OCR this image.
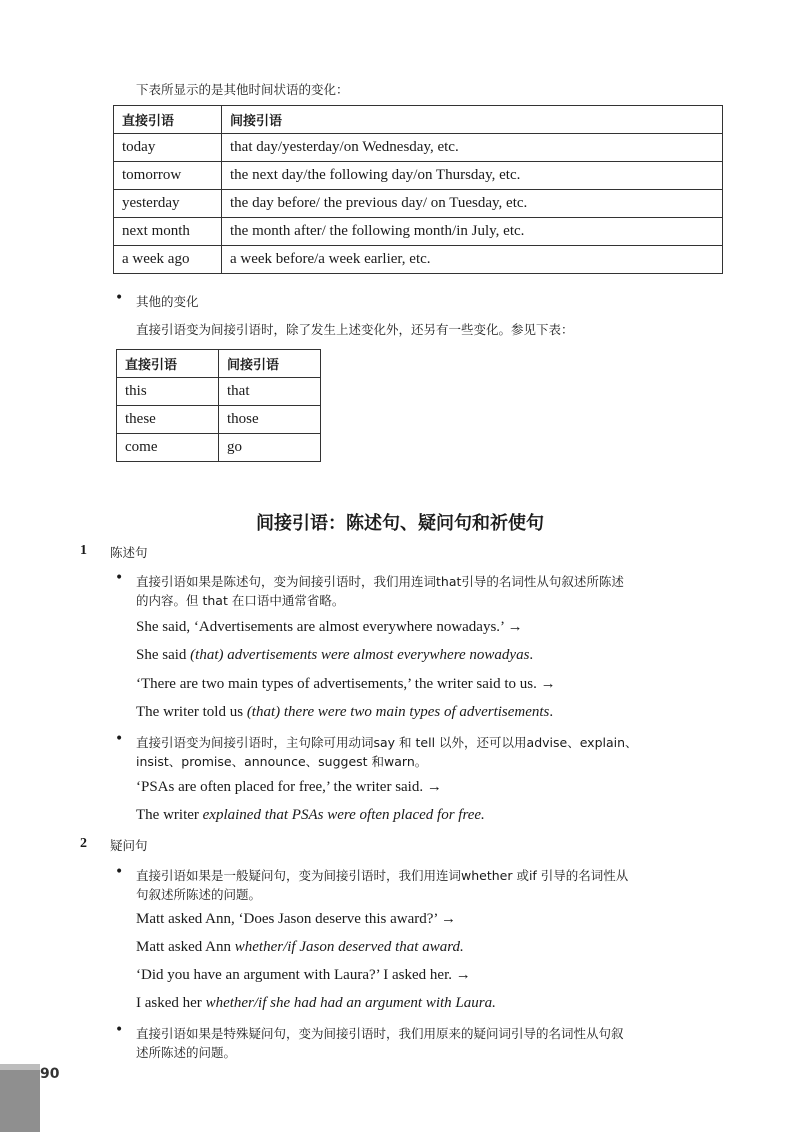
下表所显示的是其他时间状语的变化：
直接引语	间接引语
today	that day/yesterday/on Wednesday, etc.
tomorrow	the next day/the following day/on Thursday, etc.
yesterday	the day before/ the previous day/ on Tuesday, etc.
next month	the month after/ the following month/in July, etc.
a week ago	a week before/a week earlier, etc.
• 其他的变化
直接引语变为间接引语时，除了发生上述变化外，还另有一些变化。参见下表：
直接引语	间接引语
this	that
these	those
come	go
间接引语：陈述句、疑问句和祈使句
1 陈述句
• 直接引语如果是陈述句，变为间接引语时，我们用连词that引导的名词性从句叙述所陈述
的内容。但 that 在口语中通常省略。
She said, ‘Advertisements are almost everywhere nowadays.’ →
She said (that) advertisements were almost everywhere nowadyas.
‘There are two main types of advertisements,’ the writer said to us. →
The writer told us (that) there were two main types of advertisements.
• 直接引语变为间接引语时，主句除可用动词say 和 tell 以外，还可以用advise、explain、
insist、promise、announce、suggest 和warn。
‘PSAs are often placed for free,’ the writer said. →
The writer explained that PSAs were often placed for free.
2 疑问句
• 直接引语如果是一般疑问句，变为间接引语时，我们用连词whether 或if 引导的名词性从
句叙述所陈述的问题。
Matt asked Ann, ‘Does Jason deserve this award?’ →
Matt asked Ann whether/if Jason deserved that award.
‘Did you have an argument with Laura?’ I asked her. →
I asked her whether/if she had had an argument with Laura.
• 直接引语如果是特殊疑问句，变为间接引语时，我们用原来的疑问词引导的名词性从句叙
述所陈述的问题。
90
